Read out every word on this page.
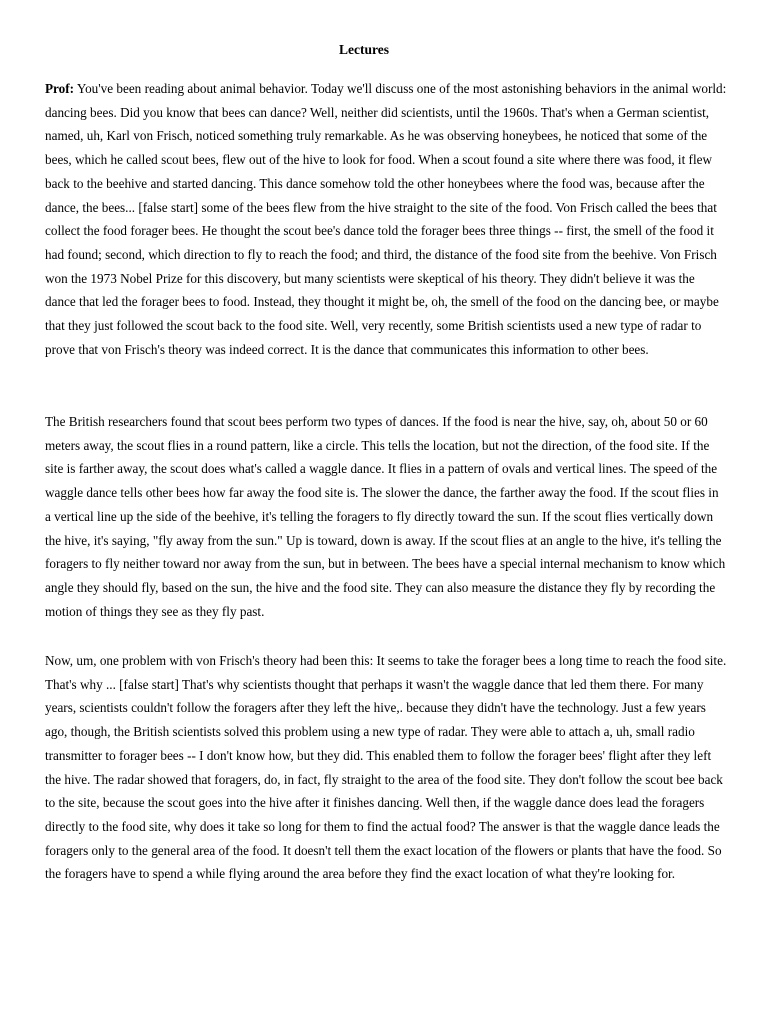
Lectures

Prof: You've been reading about animal behavior. Today we'll discuss one of the most astonishing behaviors in the animal world: dancing bees. Did you know that bees can dance? Well, neither did scientists, until the 1960s. That's when a German scientist, named, uh, Karl von Frisch, noticed something truly remarkable. As he was observing honeybees, he noticed that some of the bees, which he called scout bees, flew out of the hive to look for food. When a scout found a site where there was food, it flew back to the beehive and started dancing. This dance somehow told the other honeybees where the food was, because after the dance, the bees... [false start] some of the bees flew from the hive straight to the site of the food. Von Frisch called the bees that collect the food forager bees. He thought the scout bee's dance told the forager bees three things -- first, the smell of the food it had found; second, which direction to fly to reach the food; and third, the distance of the food site from the beehive. Von Frisch won the 1973 Nobel Prize for this discovery, but many scientists were skeptical of his theory. They didn't believe it was the dance that led the forager bees to food. Instead, they thought it might be, oh, the smell of the food on the dancing bee, or maybe that they just followed the scout back to the food site. Well, very recently, some British scientists used a new type of radar to prove that von Frisch's theory was indeed correct. It is the dance that communicates this information to other bees.

The British researchers found that scout bees perform two types of dances. If the food is near the hive, say, oh, about 50 or 60 meters away, the scout flies in a round pattern, like a circle. This tells the location, but not the direction, of the food site. If the site is farther away, the scout does what's called a waggle dance. It flies in a pattern of ovals and vertical lines. The speed of the waggle dance tells other bees how far away the food site is. The slower the dance, the farther away the food. If the scout flies in a vertical line up the side of the beehive, it's telling the foragers to fly directly toward the sun. If the scout flies vertically down the hive, it's saying, "fly away from the sun." Up is toward, down is away. If the scout flies at an angle to the hive, it's telling the foragers to fly neither toward nor away from the sun, but in between. The bees have a special internal mechanism to know which angle they should fly, based on the sun, the hive and the food site. They can also measure the distance they fly by recording the motion of things they see as they fly past.

Now, um, one problem with von Frisch's theory had been this: It seems to take the forager bees a long time to reach the food site. That's why ... [false start] That's why scientists thought that perhaps it wasn't the waggle dance that led them there. For many years, scientists couldn't follow the foragers after they left the hive,. because they didn't have the technology. Just a few years ago, though, the British scientists solved this problem using a new type of radar. They were able to attach a, uh, small radio transmitter to forager bees -- I don't know how, but they did. This enabled them to follow the forager bees' flight after they left the hive. The radar showed that foragers, do, in fact, fly straight to the area of the food site. They don't follow the scout bee back to the site, because the scout goes into the hive after it finishes dancing. Well then, if the waggle dance does lead the foragers directly to the food site, why does it take so long for them to find the actual food? The answer is that the waggle dance leads the foragers only to the general area of the food. It doesn't tell them the exact location of the flowers or plants that have the food. So the foragers have to spend a while flying around the area before they find the exact location of what they're looking for.
